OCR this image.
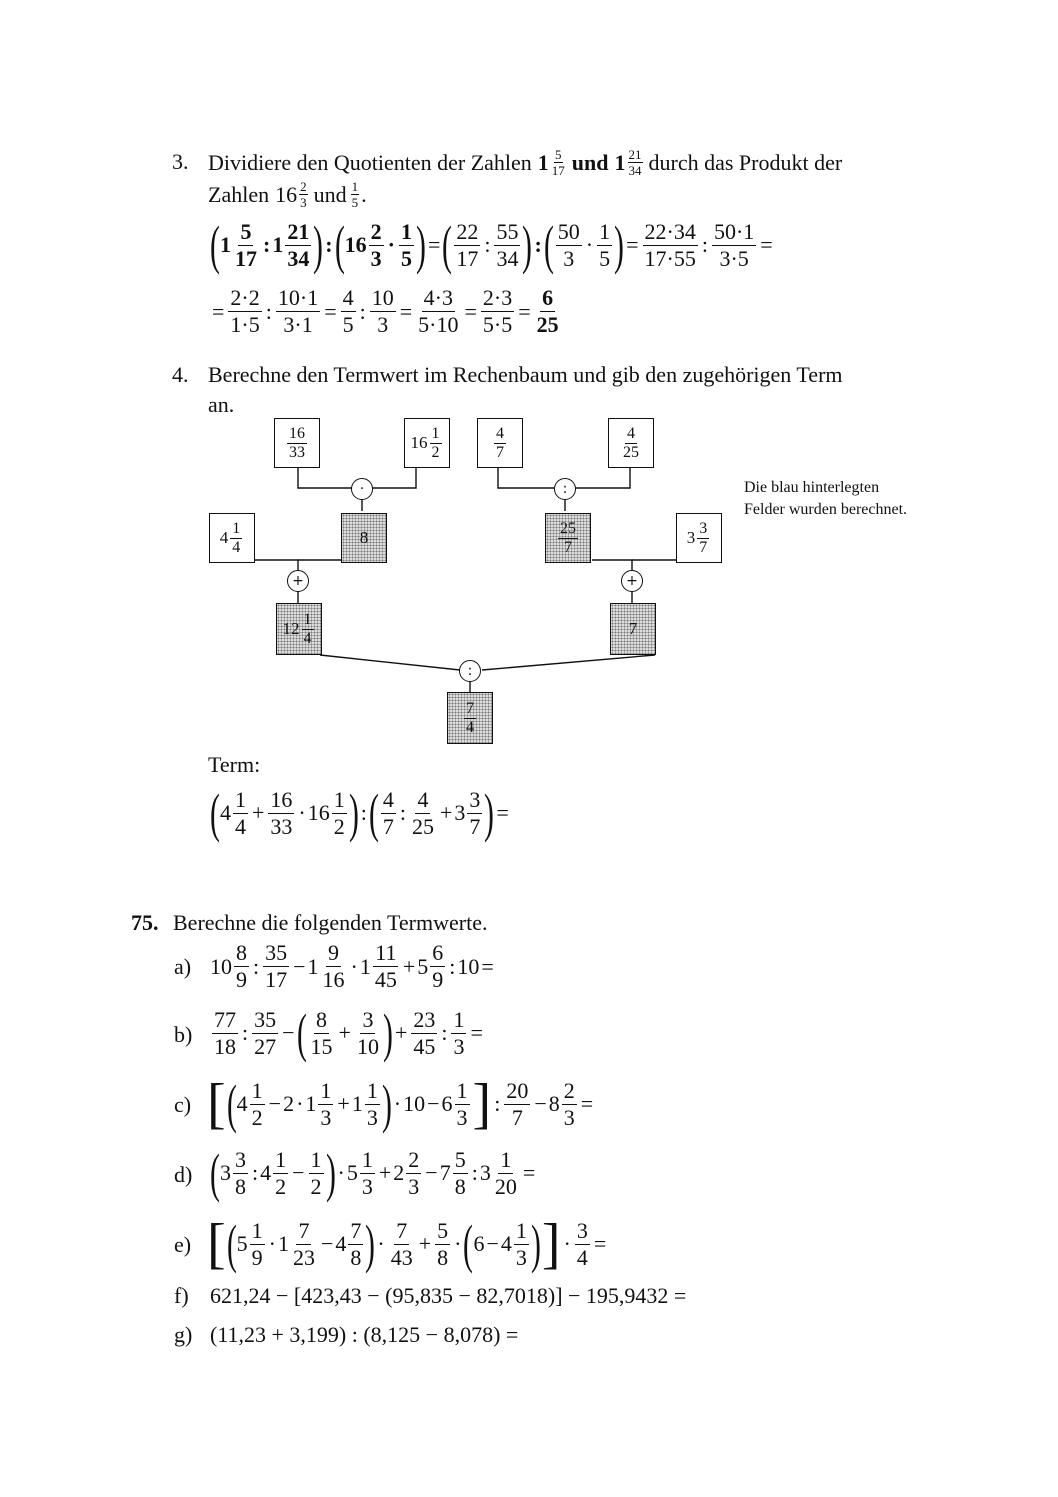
3. Dividiere den Quotienten der Zahlen 1 5
17 und 1 21
34 durch das Produkt der
Zahlen 16 2
3 und 1
5 .
( 1
5
17
: 1
21
34 ) : ( 16
2
3
·
1
5 ) = ( 22
17
:
55
34 ) : ( 50
3
·
1
5 ) = $\frac{22\cdot 34}{17\cdot 55}$ : $\frac{50\cdot 1}{3\cdot 5}$ =
= $\frac{2\cdot 2}{1\cdot 5}$ : $\frac{10\cdot 1}{3\cdot 1} = \frac{4}{5}$ : $\frac{10}{3} = \frac{4\cdot 3}{5\cdot 10} = \frac{2\cdot 3}{5\cdot 5} = \frac{6}{25}$
4. Berechne den Termwert im Rechenbaum und gib den zugehörigen Term
an.
16
33	16 1
2
4
7
4
25
·	:
4 1
4	8	25
7	3 3
7
+	+
12 1
4	7
:
7
4
Die blau hinterlegten
Felder wurden berechnet.
Term:
( 4
1
4
+ $\frac{16}{33} \cdot 16$
1
2 ) : ( 4
7
:
4
25
+ $3 \frac{3}{7}$ ) =
75. Berechne die folgenden Termwerte.
a) 10
8
9
:
35
17
− $1 \frac{9}{16} \cdot 1$
11
45
+ $5 \frac{6}{9}$ : 10 =
b)
77
18
:
35
27
− ( 8
15
+ $\frac{3}{10}$ ) + $\frac{23}{45}$ : $\frac{1}{3}$ =
c) [ ( 4
1
2
− 2 · 1
1
3
+ $1 \frac{1}{3}$ ) · $10 - 6 \frac{1}{3}$ ] :
20
7
− $8 \frac{2}{3}$ =
d) ( 3
3
8
: 4
1
2
− $\frac{1}{2}$ ) · 5
1
3
+ $2 \frac{2}{3} - 7 \frac{5}{8}$ : $3 \frac{1}{20}$ =
e) [ ( 5
1
9
· 1
7
23
− $4 \frac{7}{8}$ ) ·
7
43
+ $\frac{5}{8}$ · ( $6 - 4 \frac{1}{3}$ ) ] · $\frac{3}{4}$ =
f) 621,24 − [423,43 − (95,835 − 82,7018)] − 195,9432 =
g) (11,23 + 3,199) : (8,125 − 8,078) =
